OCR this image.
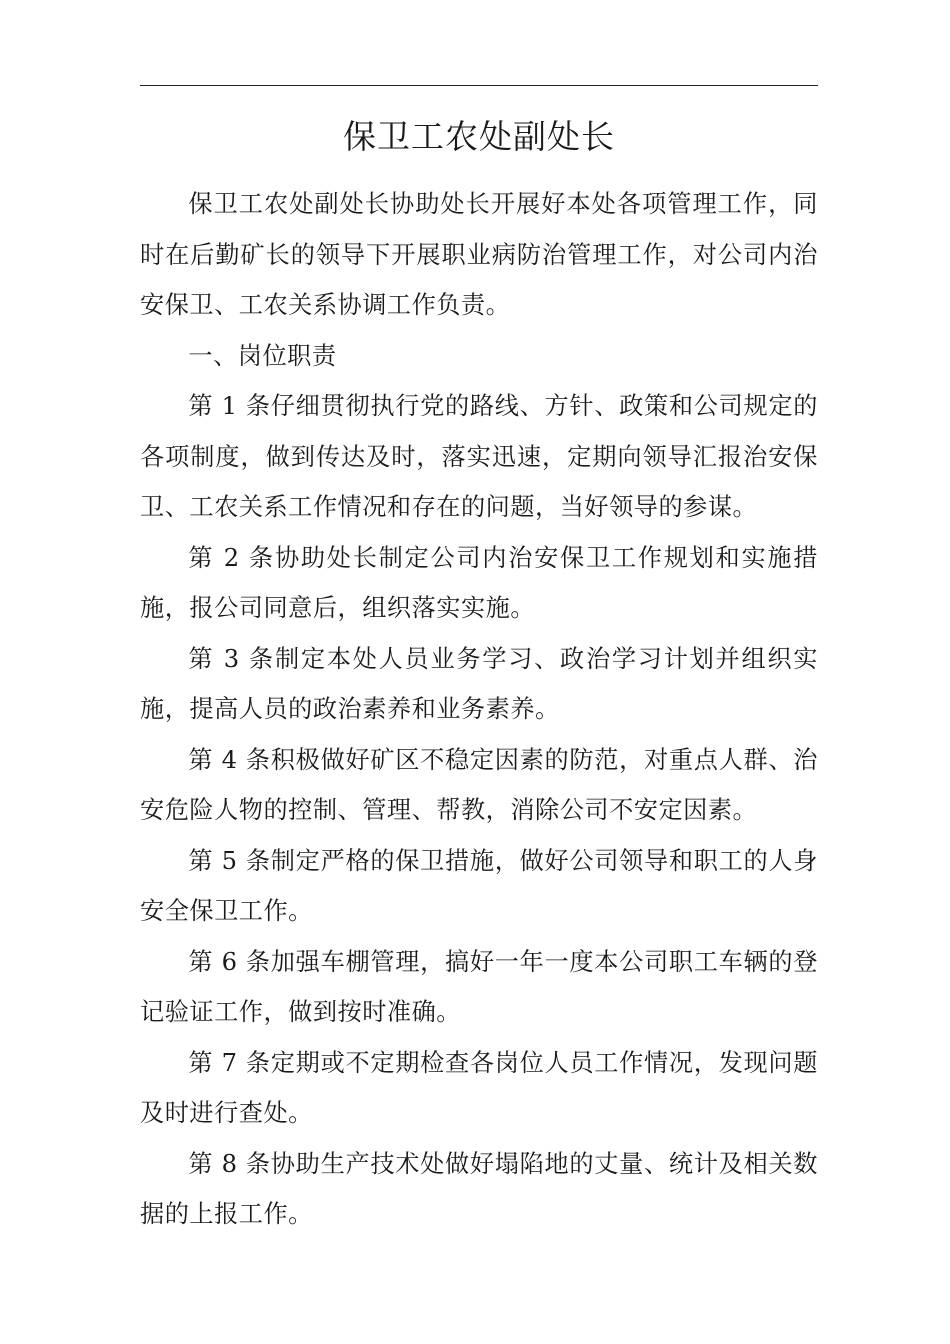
保卫工农处副处长

保卫工农处副处长协助处长开展好本处各项管理工作，同时在后勤矿长的领导下开展职业病防治管理工作，对公司内治安保卫、工农关系协调工作负责。

一、岗位职责

第 1 条仔细贯彻执行党的路线、方针、政策和公司规定的各项制度，做到传达及时，落实迅速，定期向领导汇报治安保卫、工农关系工作情况和存在的问题，当好领导的参谋。

第 2 条协助处长制定公司内治安保卫工作规划和实施措施，报公司同意后，组织落实实施。

第 3 条制定本处人员业务学习、政治学习计划并组织实施，提高人员的政治素养和业务素养。

第 4 条积极做好矿区不稳定因素的防范，对重点人群、治安危险人物的控制、管理、帮教，消除公司不安定因素。

第 5 条制定严格的保卫措施，做好公司领导和职工的人身安全保卫工作。

第 6 条加强车棚管理，搞好一年一度本公司职工车辆的登记验证工作，做到按时准确。

第 7 条定期或不定期检查各岗位人员工作情况，发现问题及时进行查处。

第 8 条协助生产技术处做好塌陷地的丈量、统计及相关数据的上报工作。
